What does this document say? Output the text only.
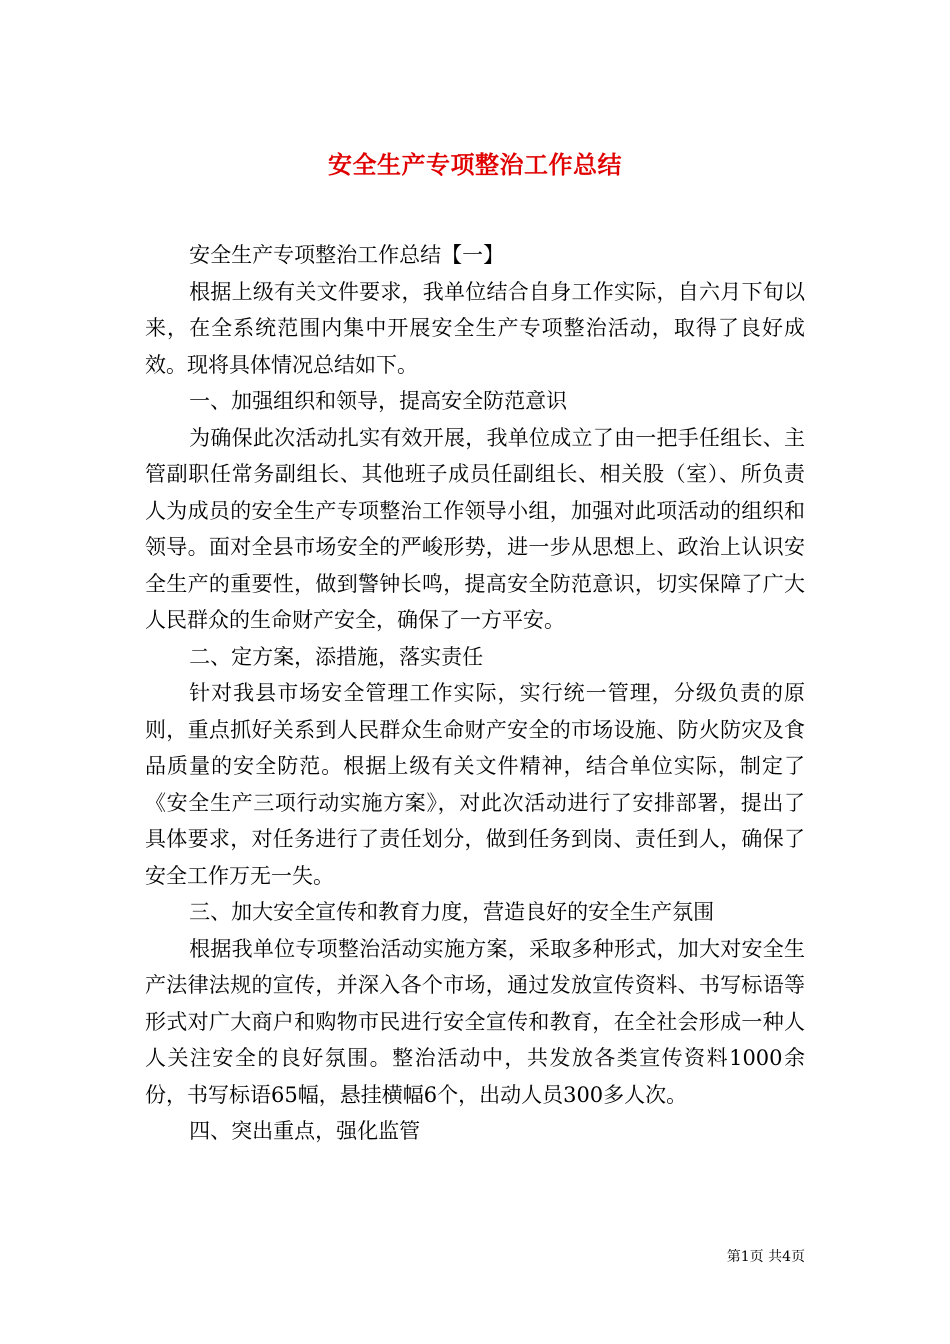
安全生产专项整治工作总结

安全生产专项整治工作总结【一】

根据上级有关文件要求，我单位结合自身工作实际，自六月下旬以来，在全系统范围内集中开展安全生产专项整治活动，取得了良好成效。现将具体情况总结如下。

一、加强组织和领导，提高安全防范意识

为确保此次活动扎实有效开展，我单位成立了由一把手任组长、主管副职任常务副组长、其他班子成员任副组长、相关股（室）、所负责人为成员的安全生产专项整治工作领导小组，加强对此项活动的组织和领导。面对全县市场安全的严峻形势，进一步从思想上、政治上认识安全生产的重要性，做到警钟长鸣，提高安全防范意识，切实保障了广大人民群众的生命财产安全，确保了一方平安。

二、定方案，添措施，落实责任

针对我县市场安全管理工作实际，实行统一管理，分级负责的原则，重点抓好关系到人民群众生命财产安全的市场设施、防火防灾及食品质量的安全防范。根据上级有关文件精神，结合单位实际，制定了《安全生产三项行动实施方案》，对此次活动进行了安排部署，提出了具体要求，对任务进行了责任划分，做到任务到岗、责任到人，确保了安全工作万无一失。

三、加大安全宣传和教育力度，营造良好的安全生产氛围

根据我单位专项整治活动实施方案，采取多种形式，加大对安全生产法律法规的宣传，并深入各个市场，通过发放宣传资料、书写标语等形式对广大商户和购物市民进行安全宣传和教育，在全社会形成一种人人关注安全的良好氛围。整治活动中，共发放各类宣传资料1000余份，书写标语65幅，悬挂横幅6个，出动人员300多人次。

四、突出重点，强化监管

第1页 共4页
